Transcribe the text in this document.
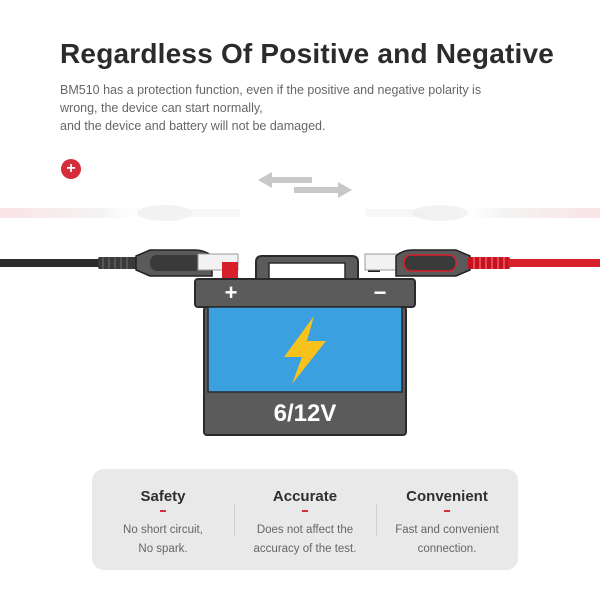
Regardless Of Positive and Negative
BM510 has a protection function, even if the positive and negative polarity is
wrong, the device can start normally,
and the device and battery will not be damaged.
+
+	−
6/12V
Safety
No short circuit,
No spark.
Accurate
Does not affect the
accuracy of the test.
Convenient
Fast and convenient
connection.
